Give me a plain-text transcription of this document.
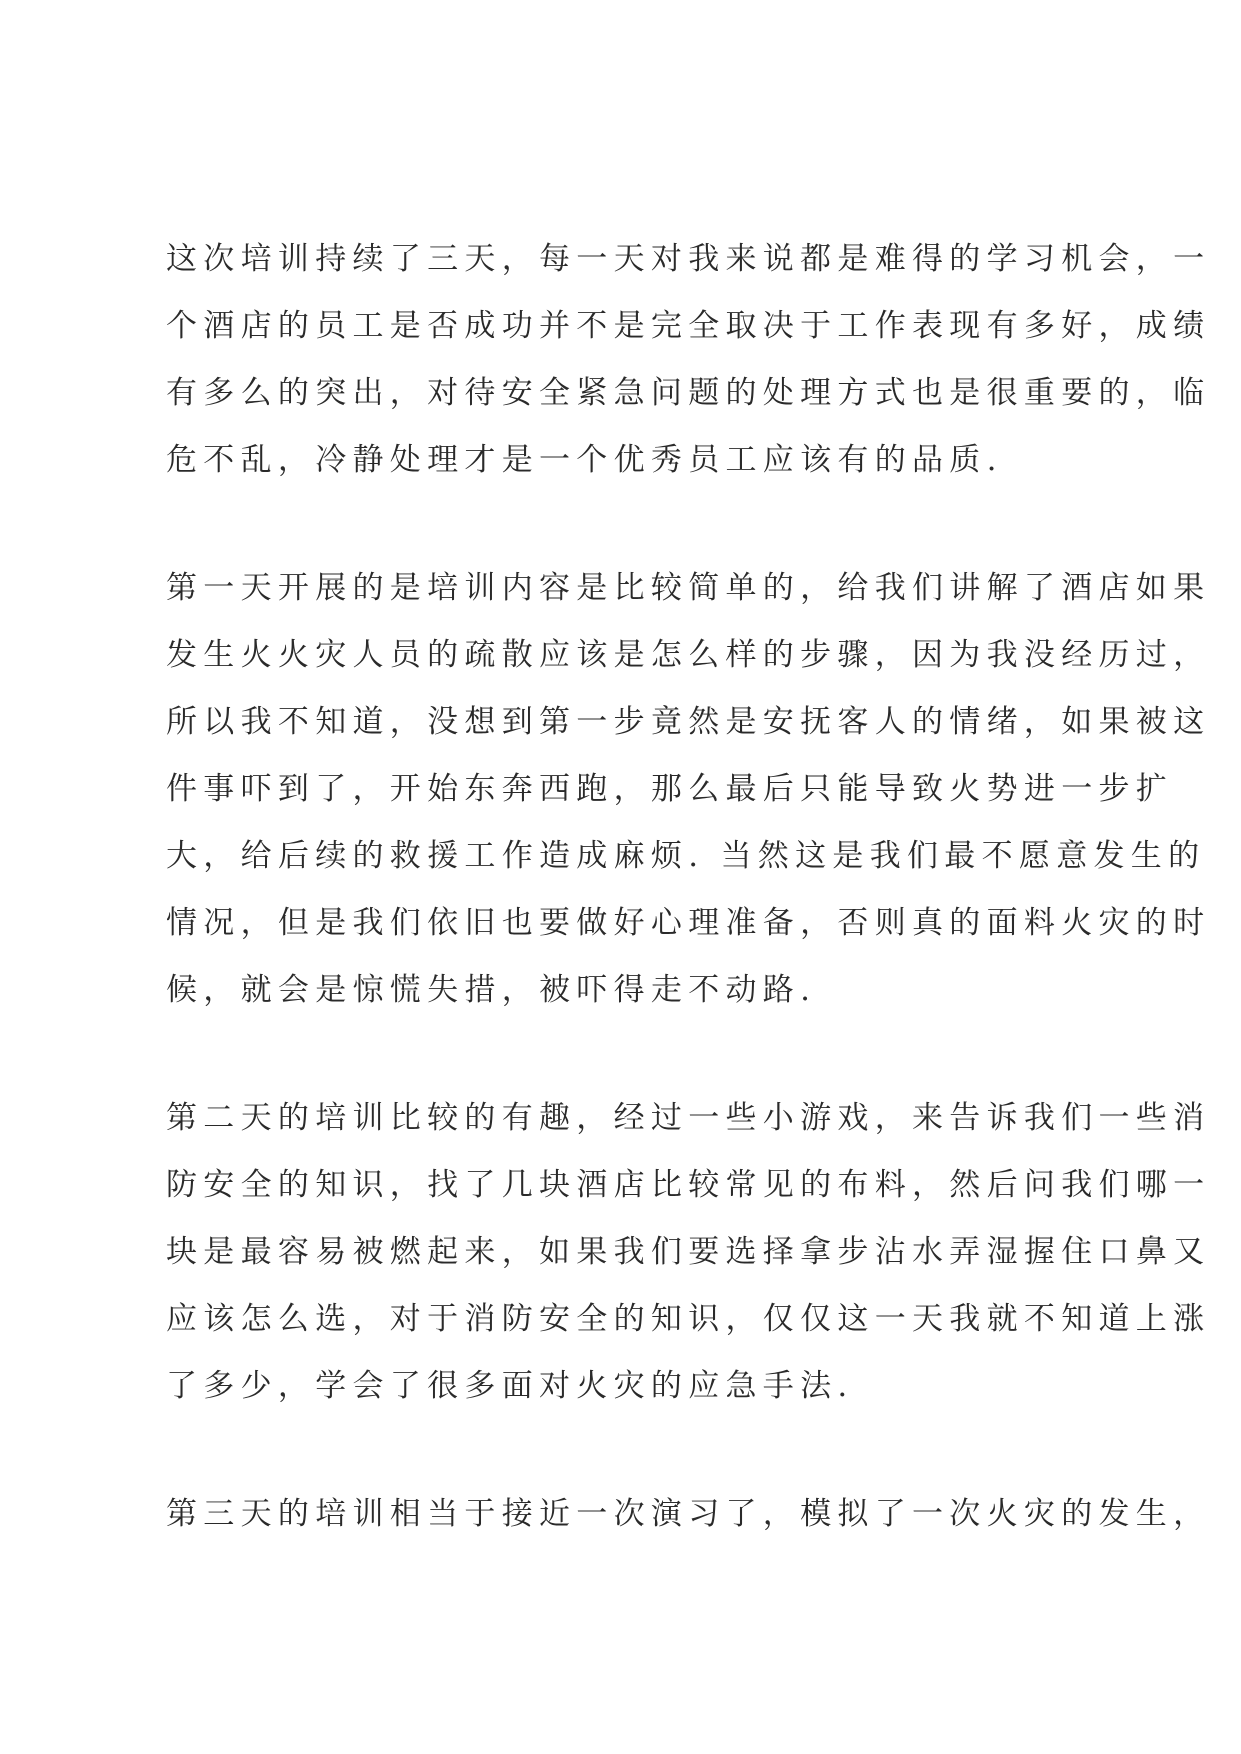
这次培训持续了三天，每一天对我来说都是难得的学习机会，一
个酒店的员工是否成功并不是完全取决于工作表现有多好，成绩
有多么的突出，对待安全紧急问题的处理方式也是很重要的，临
危不乱，冷静处理才是一个优秀员工应该有的品质.
第一天开展的是培训内容是比较简单的，给我们讲解了酒店如果
发生火火灾人员的疏散应该是怎么样的步骤，因为我没经历过，
所以我不知道，没想到第一步竟然是安抚客人的情绪，如果被这
件事吓到了，开始东奔西跑，那么最后只能导致火势进一步扩
大，给后续的救援工作造成麻烦. 当然这是我们最不愿意发生的
情况，但是我们依旧也要做好心理准备，否则真的面料火灾的时
候，就会是惊慌失措，被吓得走不动路.
第二天的培训比较的有趣，经过一些小游戏，来告诉我们一些消
防安全的知识，找了几块酒店比较常见的布料，然后问我们哪一
块是最容易被燃起来，如果我们要选择拿步沾水弄湿握住口鼻又
应该怎么选，对于消防安全的知识，仅仅这一天我就不知道上涨
了多少，学会了很多面对火灾的应急手法.
第三天的培训相当于接近一次演习了，模拟了一次火灾的发生，
